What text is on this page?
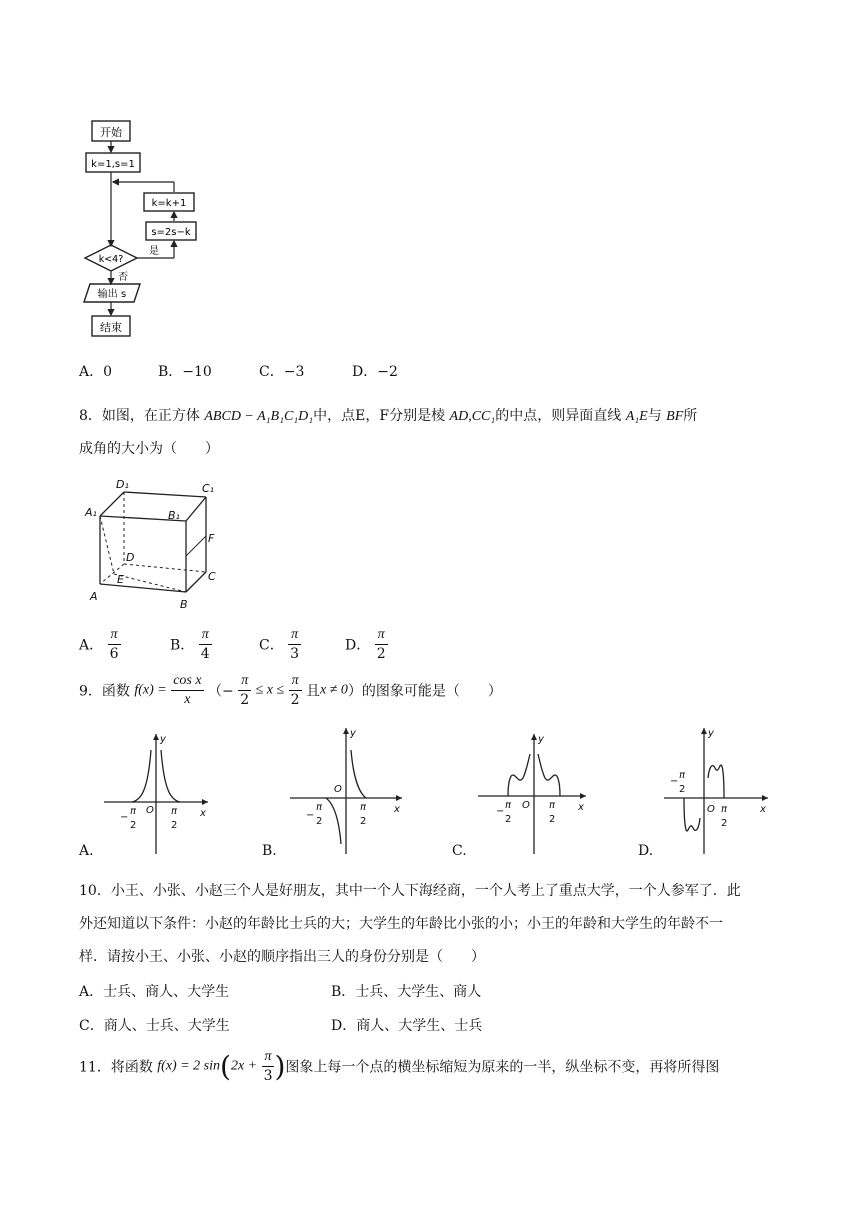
开始
k=1,s=1
k=k+1
s=2s−k
是
k<4?
否
输出 s
结束
A．0	B．−10	C．−3	D．−2
8．如图，在正方体 ABCD − A₁B₁C₁D₁中，点E，F分别是棱 AD,CC₁的中点，则异面直线 A₁E与 BF所
成角的大小为（　　）
D₁	C₁
A₁	B₁
D
F
E	C
A
B
A． $\frac{\pi}{6}$	B． $\frac{\pi}{4}$	C． $\frac{\pi}{3}$	D． $\frac{\pi}{2}$
9．函数 $f(x) = \frac{\text{cos x}}{x}$ （− $\frac{\pi}{2} \le x \le \frac{\pi}{2}$ 且x ≠ 0）的图象可能是（　　）
y
x
O
−
π
2
π
2
A.
y
x
O
−
π
2
π
2
B.
y
x
O
−
π
2
π
2
C.
y
x
O
−
π
2
π
2
D.
10．小王、小张、小赵三个人是好朋友，其中一个人下海经商，一个人考上了重点大学，一个人参军了．此
外还知道以下条件：小赵的年龄比士兵的大；大学生的年龄比小张的小；小王的年龄和大学生的年龄不一
样．请按小王、小张、小赵的顺序指出三人的身份分别是（　　）
A．士兵、商人、大学生	B．士兵、大学生、商人
C．商人、士兵、大学生	D．商人、大学生、士兵
11．将函数 f(x) = 2 $\sin(2x + \frac{\pi}{3}$ )图象上每一个点的横坐标缩短为原来的一半，纵坐标不变，再将所得图
